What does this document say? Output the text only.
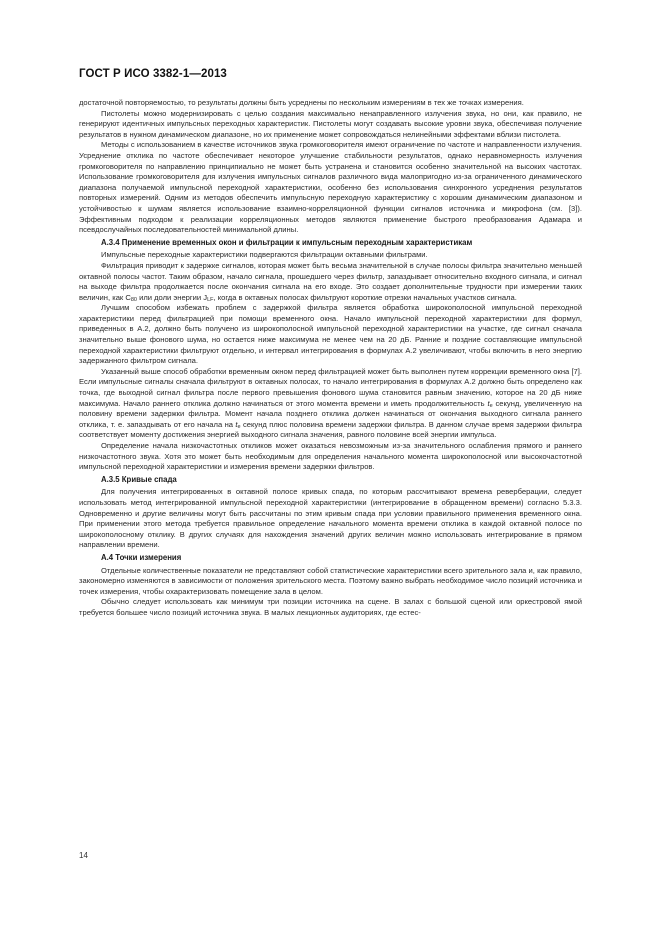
ГОСТ Р ИСО 3382-1—2013

достаточной повторяемостью, то результаты должны быть усреднены по нескольким измерениям в тех же точках измерения.

Пистолеты можно модернизировать с целью создания максимально ненаправленного излучения звука, но они, как правило, не генерируют идентичных импульсных переходных характеристик. Пистолеты могут создавать высокие уровни звука, обеспечивая получение результатов в нужном динамическом диапазоне, но их применение может сопровождаться нелинейными эффектами вблизи пистолета.

Методы с использованием в качестве источников звука громкоговорителя имеют ограничение по частоте и направленности излучения. Усреднение отклика по частоте обеспечивает некоторое улучшение стабильности результатов, однако неравномерность излучения громкоговорителя по направлению принципиально не может быть устранена и становится особенно значительной на высоких частотах. Использование громкоговорителя для излучения импульсных сигналов различного вида малопригодно из-за ограниченного динамического диапазона получаемой импульсной переходной характеристики, особенно без использования синхронного усреднения результатов повторных измерений. Одним из методов обеспечить импульсную переходную характеристику с хорошим динамическим диапазоном и устойчивостью к шумам является использование взаимно-корреляционной функции сигналов источника и микрофона (см. [3]). Эффективным подходом к реализации корреляционных методов являются применение быстрого преобразования Адамара и псевдослучайных последовательностей минимальной длины.

А.3.4 Применение временных окон и фильтрации к импульсным переходным характеристикам

Импульсные переходные характеристики подвергаются фильтрации октавными фильтрами.

Фильтрация приводит к задержке сигналов, которая может быть весьма значительной в случае полосы фильтра значительно меньшей октавной полосы частот. Таким образом, начало сигнала, прошедшего через фильтр, запаздывает относительно входного сигнала, и сигнал на выходе фильтра продолжается после окончания сигнала на его входе. Это создает дополнительные трудности при измерении таких величин, как $C_{80}$ или доли энергии $J_{LF}$, когда в октавных полосах фильтруют короткие отрезки начальных участков сигнала.

Лучшим способом избежать проблем с задержкой фильтра является обработка широкополосной импульсной переходной характеристики перед фильтрацией при помощи временного окна. Начало импульсной переходной характеристики для формул, приведенных в А.2, должно быть получено из широкополосной импульсной переходной характеристики на участке, где сигнал сначала значительно выше фонового шума, но остается ниже максимума не менее чем на 20 дБ. Ранние и поздние составляющие импульсной переходной характеристики фильтруют отдельно, и интервал интегрирования в формулах А.2 увеличивают, чтобы включить в него энергию задержанного фильтром сигнала.

Указанный выше способ обработки временным окном перед фильтрацией может быть выполнен путем коррекции временного окна [7]. Если импульсные сигналы сначала фильтруют в октавных полосах, то начало интегрирования в формулах А.2 должно быть определено как точка, где выходной сигнал фильтра после первого превышения фонового шума становится равным значению, которое на 20 дБ ниже максимума. Начало раннего отклика должно начинаться от этого момента времени и иметь продолжительность $t_e$ секунд, увеличенную на половину времени задержки фильтра. Момент начала позднего отклика должен начинаться от окончания выходного сигнала раннего отклика, т. е. запаздывать от его начала на $t_e$ секунд плюс половина времени задержки фильтра. В данном случае время задержки фильтра соответствует моменту достижения энергией выходного сигнала значения, равного половине всей энергии импульса.

Определение начала низкочастотных откликов может оказаться невозможным из-за значительного ослабления прямого и раннего низкочастотного звука. Хотя это может быть необходимым для определения начального момента широкополосной или высокочастотной импульсной переходной характеристики и измерения времени задержки фильтров.

А.3.5 Кривые спада

Для получения интегрированных в октавной полосе кривых спада, по которым рассчитывают времена реверберации, следует использовать метод интегрированной импульсной переходной характеристики (интегрирование в обращенном времени) согласно 5.3.3. Одновременно и другие величины могут быть рассчитаны по этим кривым спада при условии правильного применения временного окна. При применении этого метода требуется правильное определение начального момента времени отклика в каждой октавной полосе по широкополосному отклику. В других случаях для нахождения значений других величин можно использовать интегрирование в прямом направлении времени.

А.4 Точки измерения

Отдельные количественные показатели не представляют собой статистические характеристики всего зрительного зала и, как правило, закономерно изменяются в зависимости от положения зрительского места. Поэтому важно выбрать необходимое число позиций источника и точек измерения, чтобы охарактеризовать помещение зала в целом.

Обычно следует использовать как минимум три позиции источника на сцене. В залах с большой сценой или оркестровой ямой требуется большее число позиций источника звука. В малых лекционных аудиториях, где естес-

14
